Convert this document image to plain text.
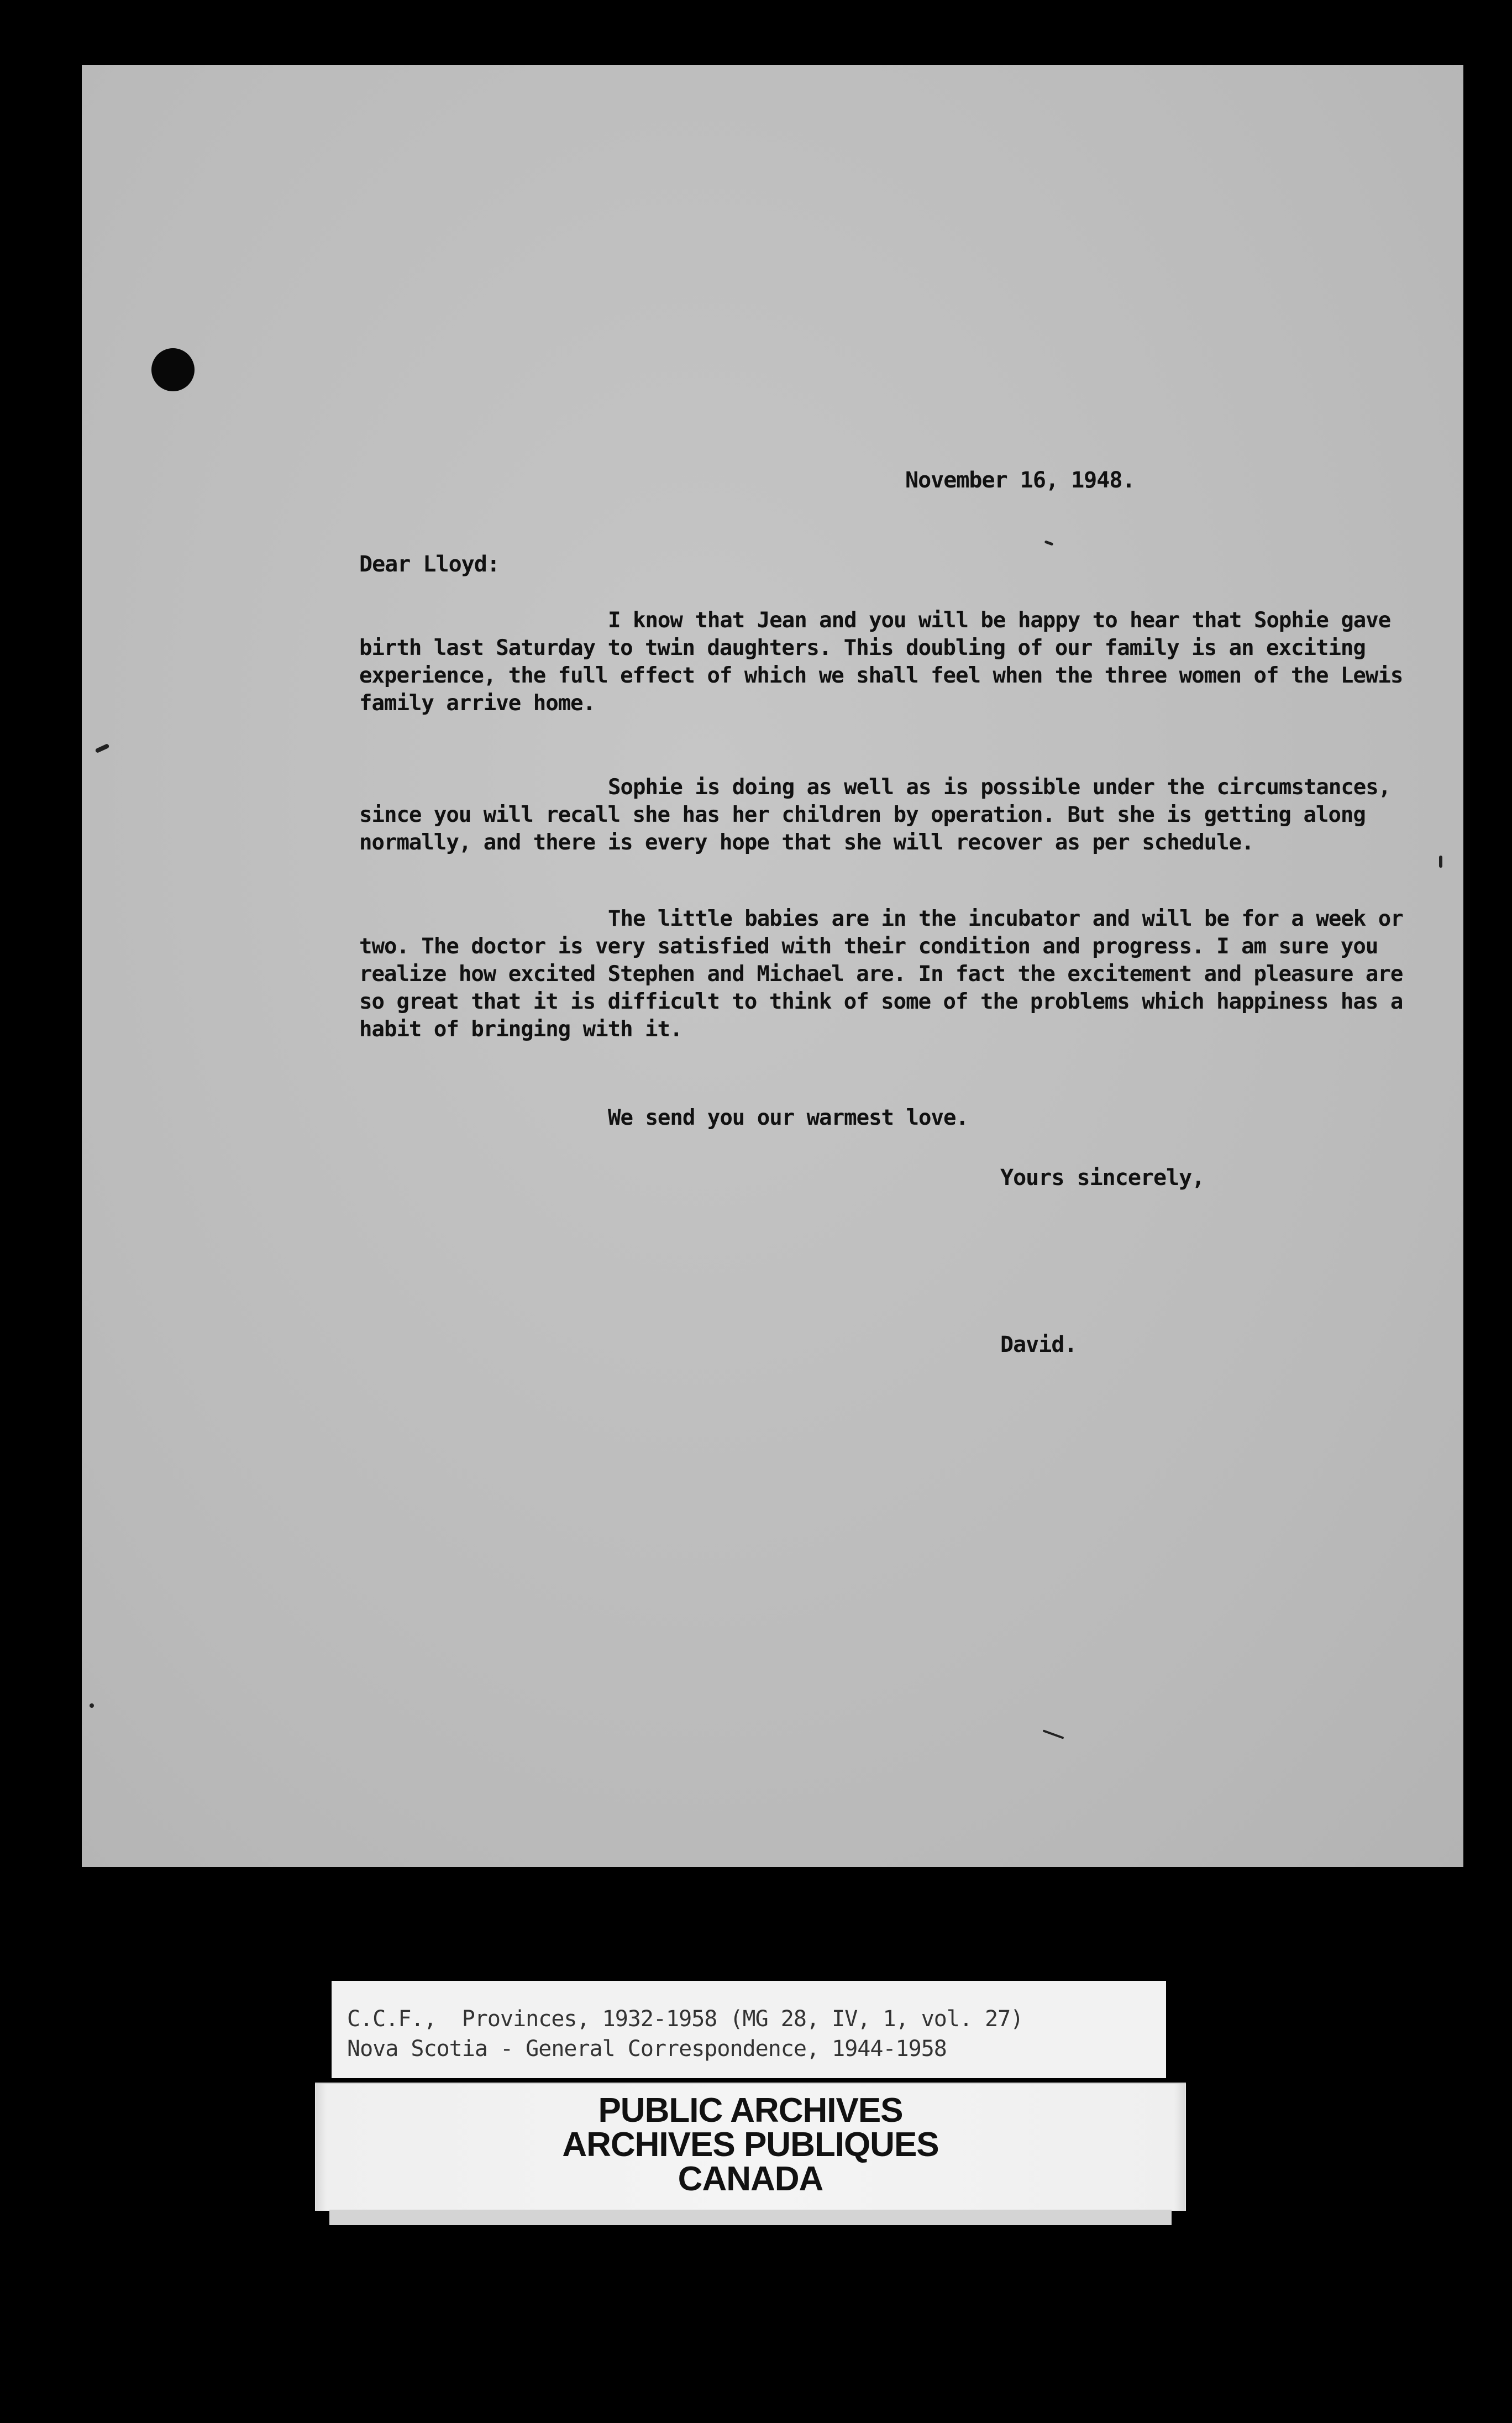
November 16, 1948.
Dear Lloyd:

I know that Jean and you will be happy to hear that Sophie gave birth last Saturday to twin daughters. This doubling of our family is an exciting experience, the full effect of which we shall feel when the three women of the Lewis family arrive home.

Sophie is doing as well as is possible under the circumstances, since you will recall she has her children by operation. But she is getting along normally, and there is every hope that she will recover as per schedule.

The little babies are in the incubator and will be for a week or two. The doctor is very satisfied with their condition and progress. I am sure you realize how excited Stephen and Michael are. In fact the excitement and pleasure are so great that it is difficult to think of some of the problems which happiness has a habit of bringing with it.

We send you our warmest love.

Yours sincerely,
David.
C.C.F.,  Provinces, 1932-1958 (MG 28, IV, 1, vol. 27)
Nova Scotia - General Correspondence, 1944-1958
PUBLIC ARCHIVES
ARCHIVES PUBLIQUES
CANADA
